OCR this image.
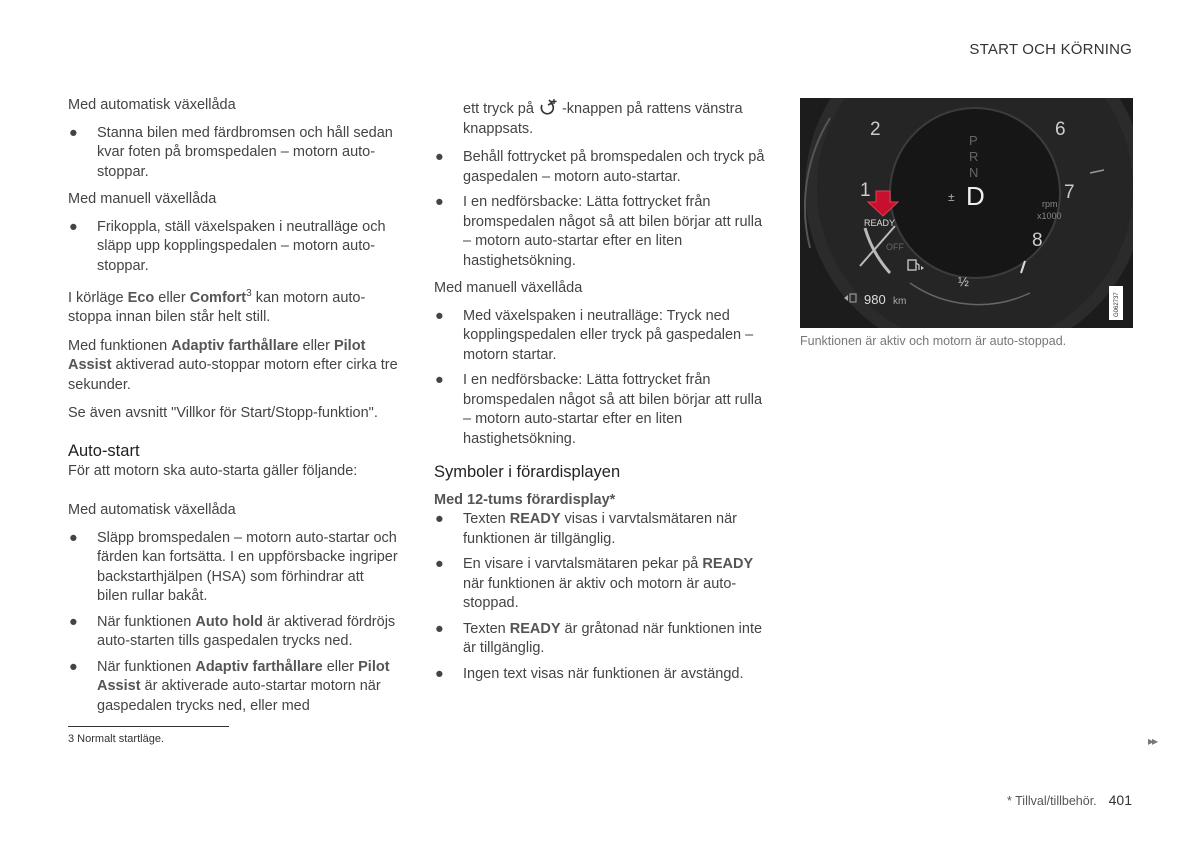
START OCH KÖRNING

Med automatisk växellåda

● Stanna bilen med färdbromsen och håll sedan kvar foten på bromspedalen – motorn auto-stoppar.

Med manuell växellåda

● Frikoppla, ställ växelspaken i neutralläge och släpp upp kopplingspedalen – motorn auto-stoppar.

I körläge Eco eller Comfort$^3$ kan motorn auto-stoppa innan bilen står helt still.

Med funktionen Adaptiv farthållare eller Pilot Assist aktiverad auto-stoppar motorn efter cirka tre sekunder.

Se även avsnitt "Villkor för Start/Stopp-funktion".

Auto-start

För att motorn ska auto-starta gäller följande:

Med automatisk växellåda

● Släpp bromspedalen – motorn auto-startar och färden kan fortsätta. I en uppförsbacke ingriper backstarthjälpen (HSA) som förhindrar att bilen rullar bakåt.
● När funktionen Auto hold är aktiverad fördröjs auto-starten tills gaspedalen trycks ned.
● När funktionen Adaptiv farthållare eller Pilot Assist är aktiverade auto-startar motorn när gaspedalen trycks ned, eller med

ett tryck på  -knappen på rattens vänstra knappsats.

● Behåll fottrycket på bromspedalen och tryck på gaspedalen – motorn auto-startar.
● I en nedförsbacke: Lätta fottrycket från bromspedalen något så att bilen börjar att rulla – motorn auto-startar efter en liten hastighetsökning.

Med manuell växellåda

● Med växelspaken i neutralläge: Tryck ned kopplingspedalen eller tryck på gaspedalen – motorn startar.
● I en nedförsbacke: Lätta fottrycket från bromspedalen något så att bilen börjar att rulla – motorn auto-startar efter en liten hastighetsökning.
Symboler i förardisplayen
Med 12-tums förardisplay*
● Texten READY visas i varvtalsmätaren när funktionen är tillgänglig.
● En visare i varvtalsmätaren pekar på READY när funktionen är aktiv och motorn är auto-stoppad.
● Texten READY är gråtonad när funktionen inte är tillgänglig.
● Ingen text visas när funktionen är avstängd.
2	6
1	7
8
P
R
N
± D	rpm
x1000
READY
OFF
½
980 km	G062737
Funktionen är aktiv och motorn är auto-stoppad.
3 Normalt startläge.	▸▸
* Tillval/tillbehör. 401
